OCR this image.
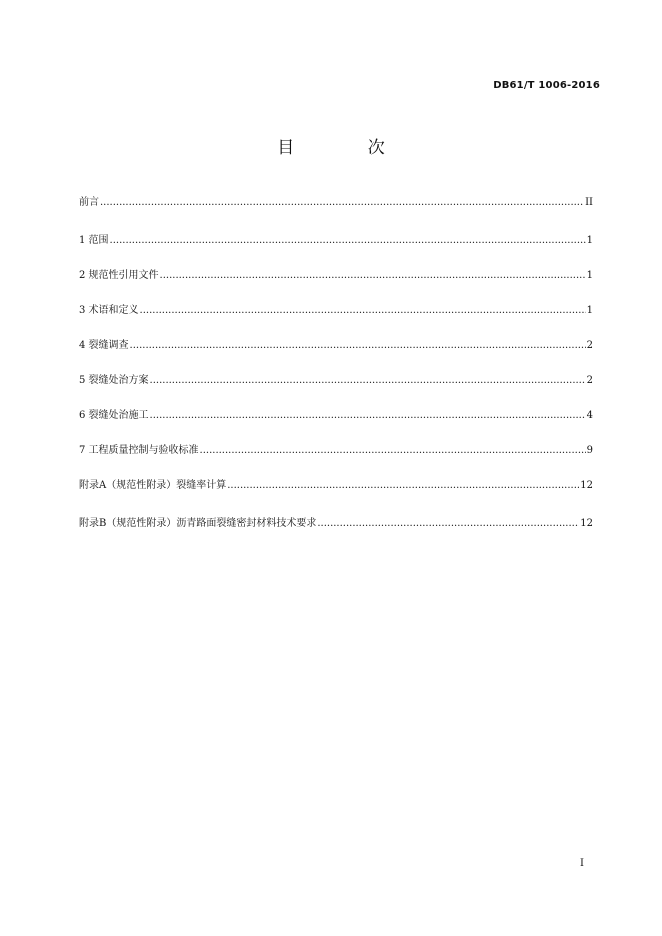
DB61/T 1006-2016
目 次
前言 .....	II
1 范围 .....	1
2 规范性引用文件 .....	1
3 术语和定义 .....	1
4 裂缝调查 .....	2
5 裂缝处治方案 .....	2
6 裂缝处治施工 .....	4
7 工程质量控制与验收标准 .....	9
附录A（规范性附录）裂缝率计算 .....	12
附录B（规范性附录）沥青路面裂缝密封材料技术要求 .....	12
I
